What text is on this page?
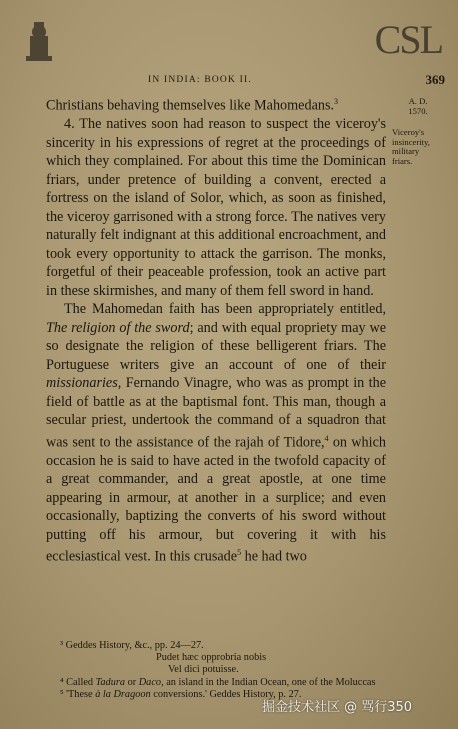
CSL
IN INDIA: BOOK II.	369
A. D.
1570.
Viceroy's
insincerity,
military
friars.

Christians behaving themselves like Mahomedans.$^3$

4. The natives soon had reason to suspect the viceroy's sincerity in his expressions of regret at the proceedings of which they complained. For about this time the Dominican friars, under pretence of building a convent, erected a fortress on the island of Solor, which, as soon as finished, the viceroy garrisoned with a strong force. The natives very naturally felt indignant at this additional encroachment, and took every opportunity to attack the garrison. The monks, forgetful of their peaceable profession, took an active part in these skirmishes, and many of them fell sword in hand.

The Mahomedan faith has been appropriately entitled, The religion of the sword; and with equal propriety may we so designate the religion of these belligerent friars. The Portuguese writers give an account of one of their missionaries, Fernando Vinagre, who was as prompt in the field of battle as at the baptismal font. This man, though a secular priest, undertook the command of a squadron that was sent to the assistance of the rajah of Tidore,$^4$ on which occasion he is said to have acted in the twofold capacity of a great commander, and a great apostle, at one time appearing in armour, at another in a surplice; and even occasionally, baptizing the converts of his sword without putting off his armour, but covering it with his ecclesiastical vest. In this crusade$^5$ he had two

³ Geddes History, &c., pp. 24—27.
Pudet hæc opprobria nobis
Vel dici potuisse.
⁴ Called Tadura or Daco, an island in the Indian Ocean, one of the Moluccas
⁵ 'These à la Dragoon conversions.' Geddes History, p. 27.
掘金技术社区 @ 骂行350
